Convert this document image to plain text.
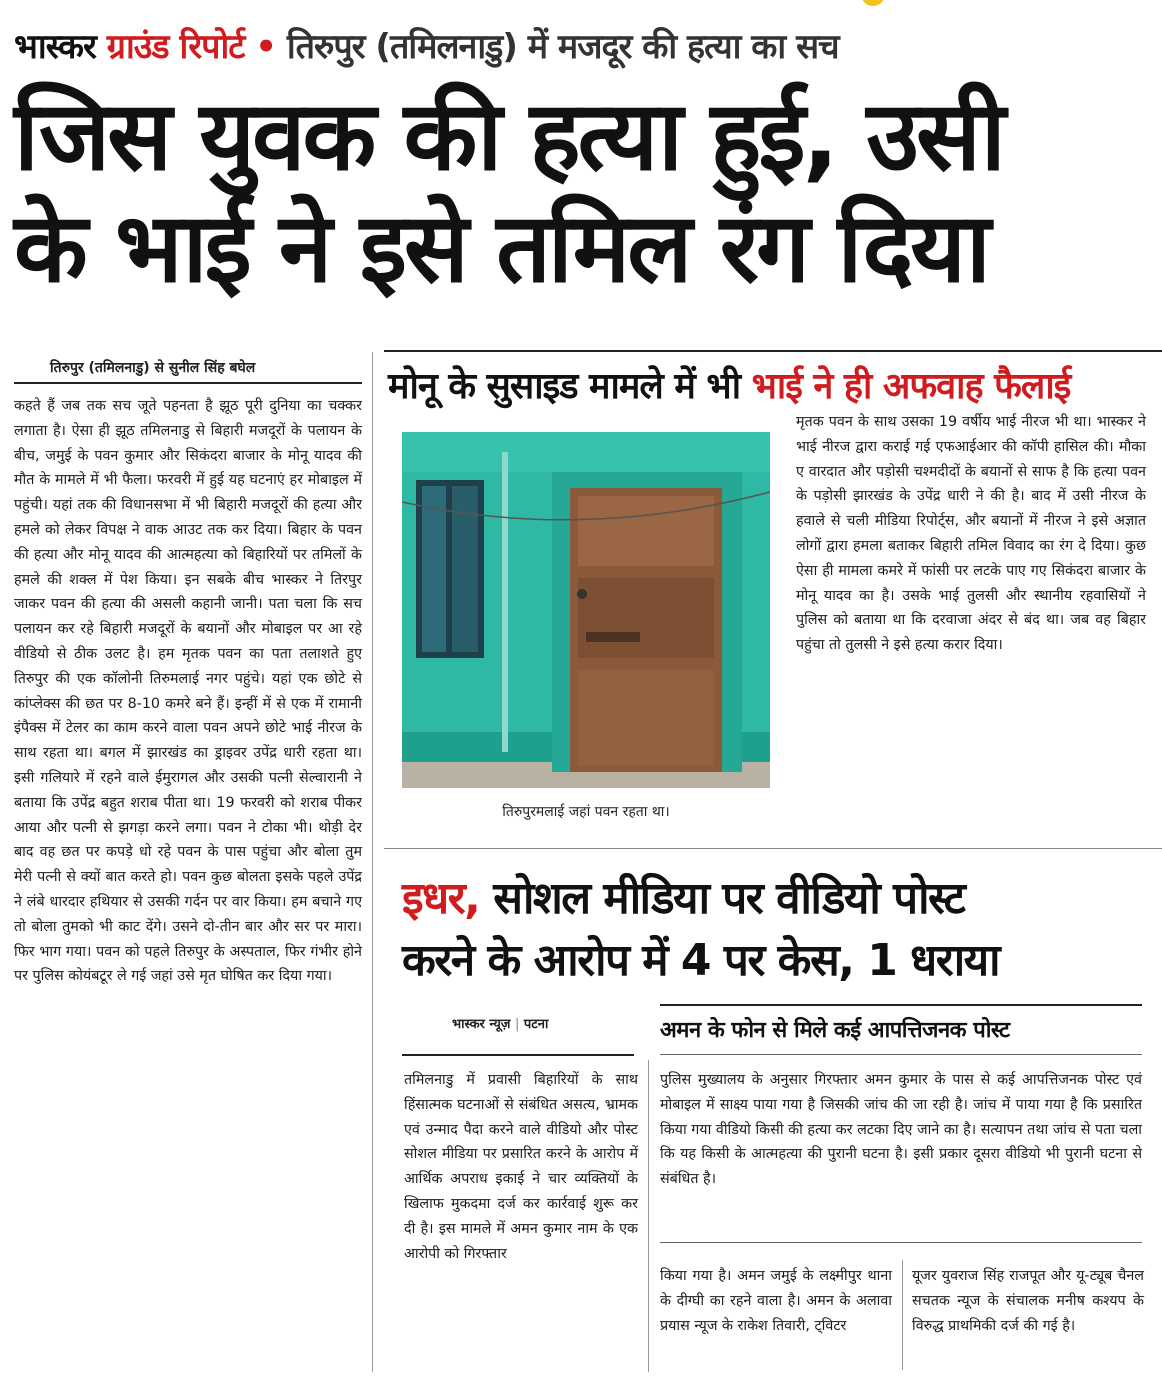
भास्कर ग्राउंड रिपोर्ट • तिरुपुर (तमिलनाडु) में मजदूर की हत्या का सच
जिस युवक की हत्या हुई, उसी
के भाई ने इसे तमिल रंग दिया
तिरुपुर (तमिलनाडु) से सुनील सिंह बघेल
कहते हैं जब तक सच जूते पहनता है झूठ पूरी दुनिया का चक्कर लगाता है। ऐसा ही झूठ तमिलनाडु से बिहारी मजदूरों के पलायन के बीच, जमुई के पवन कुमार और सिकंदरा बाजार के मोनू यादव की मौत के मामले में भी फैला। फरवरी में हुई यह घटनाएं हर मोबाइल में पहुंची। यहां तक की विधानसभा में भी बिहारी मजदूरों की हत्या और हमले को लेकर विपक्ष ने वाक आउट तक कर दिया। बिहार के पवन की हत्या और मोनू यादव की आत्महत्या को बिहारियों पर तमिलों के हमले की शक्ल में पेश किया। इन सबके बीच भास्कर ने तिरपुर जाकर पवन की हत्या की असली कहानी जानी। पता चला कि सच पलायन कर रहे बिहारी मजदूरों के बयानों और मोबाइल पर आ रहे वीडियो से ठीक उलट है। हम मृतक पवन का पता तलाशते हुए तिरुपुर की एक कॉलोनी तिरुमलाई नगर पहुंचे। यहां एक छोटे से कांप्लेक्स की छत पर 8-10 कमरे बने हैं। इन्हीं में से एक में रामानी इंपैक्स में टेलर का काम करने वाला पवन अपने छोटे भाई नीरज के साथ रहता था। बगल में झारखंड का ड्राइवर उपेंद्र धारी रहता था। इसी गलियारे में रहने वाले ईमुरागल और उसकी पत्नी सेल्वारानी ने बताया कि उपेंद्र बहुत शराब पीता था। 19 फरवरी को शराब पीकर आया और पत्नी से झगड़ा करने लगा। पवन ने टोका भी। थोड़ी देर बाद वह छत पर कपड़े धो रहे पवन के पास पहुंचा और बोला तुम मेरी पत्नी से क्यों बात करते हो। पवन कुछ बोलता इसके पहले उपेंद्र ने लंबे धारदार हथियार से उसकी गर्दन पर वार किया। हम बचाने गए तो बोला तुमको भी काट देंगे। उसने दो-तीन बार और सर पर मारा। फिर भाग गया। पवन को पहले तिरुपुर के अस्पताल, फिर गंभीर होने पर पुलिस कोयंबटूर ले गई जहां उसे मृत घोषित कर दिया गया।
मोनू के सुसाइड मामले में भी भाई ने ही अफवाह फैलाई
तिरुपुरमलाई जहां पवन रहता था।
मृतक पवन के साथ उसका 19 वर्षीय भाई नीरज भी था। भास्कर ने भाई नीरज द्वारा कराई गई एफआईआर की कॉपी हासिल की। मौका ए वारदात और पड़ोसी चश्मदीदों के बयानों से साफ है कि हत्या पवन के पड़ोसी झारखंड के उपेंद्र धारी ने की है। बाद में उसी नीरज के हवाले से चली मीडिया रिपोर्ट्स, और बयानों में नीरज ने इसे अज्ञात लोगों द्वारा हमला बताकर बिहारी तमिल विवाद का रंग दे दिया। कुछ ऐसा ही मामला कमरे में फांसी पर लटके पाए गए सिकंदरा बाजार के मोनू यादव का है। उसके भाई तुलसी और स्थानीय रहवासियों ने पुलिस को बताया था कि दरवाजा अंदर से बंद था। जब वह बिहार पहुंचा तो तुलसी ने इसे हत्या करार दिया।
इधर, सोशल मीडिया पर वीडियो पोस्ट
करने के आरोप में 4 पर केस, 1 धराया
भास्कर न्यूज़ | पटना	अमन के फोन से मिले कई आपत्तिजनक पोस्ट
पुलिस मुख्यालय के अनुसार गिरफ्तार अमन कुमार के पास से कई आपत्तिजनक पोस्ट एवं मोबाइल में साक्ष्य पाया गया है जिसकी जांच की जा रही है। जांच में पाया गया है कि प्रसारित किया गया वीडियो किसी की हत्या कर लटका दिए जाने का है। सत्यापन तथा जांच से पता चला कि यह किसी के आत्महत्या की पुरानी घटना है। इसी प्रकार दूसरा वीडियो भी पुरानी घटना से संबंधित है।
तमिलनाडु में प्रवासी बिहारियों के साथ हिंसात्मक घटनाओं से संबंधित असत्य, भ्रामक एवं उन्माद पैदा करने वाले वीडियो और पोस्ट सोशल मीडिया पर प्रसारित करने के आरोप में आर्थिक अपराध इकाई ने चार व्यक्तियों के खिलाफ मुकदमा दर्ज कर कार्रवाई शुरू कर दी है। इस मामले में अमन कुमार नाम के एक आरोपी को गिरफ्तार
किया गया है। अमन जमुई के लक्ष्मीपुर थाना के दीग्घी का रहने वाला है। अमन के अलावा प्रयास न्यूज के राकेश तिवारी, ट्विटर
यूजर युवराज सिंह राजपूत और यू-ट्यूब चैनल सचतक न्यूज के संचालक मनीष कश्यप के विरुद्ध प्राथमिकी दर्ज की गई है।
